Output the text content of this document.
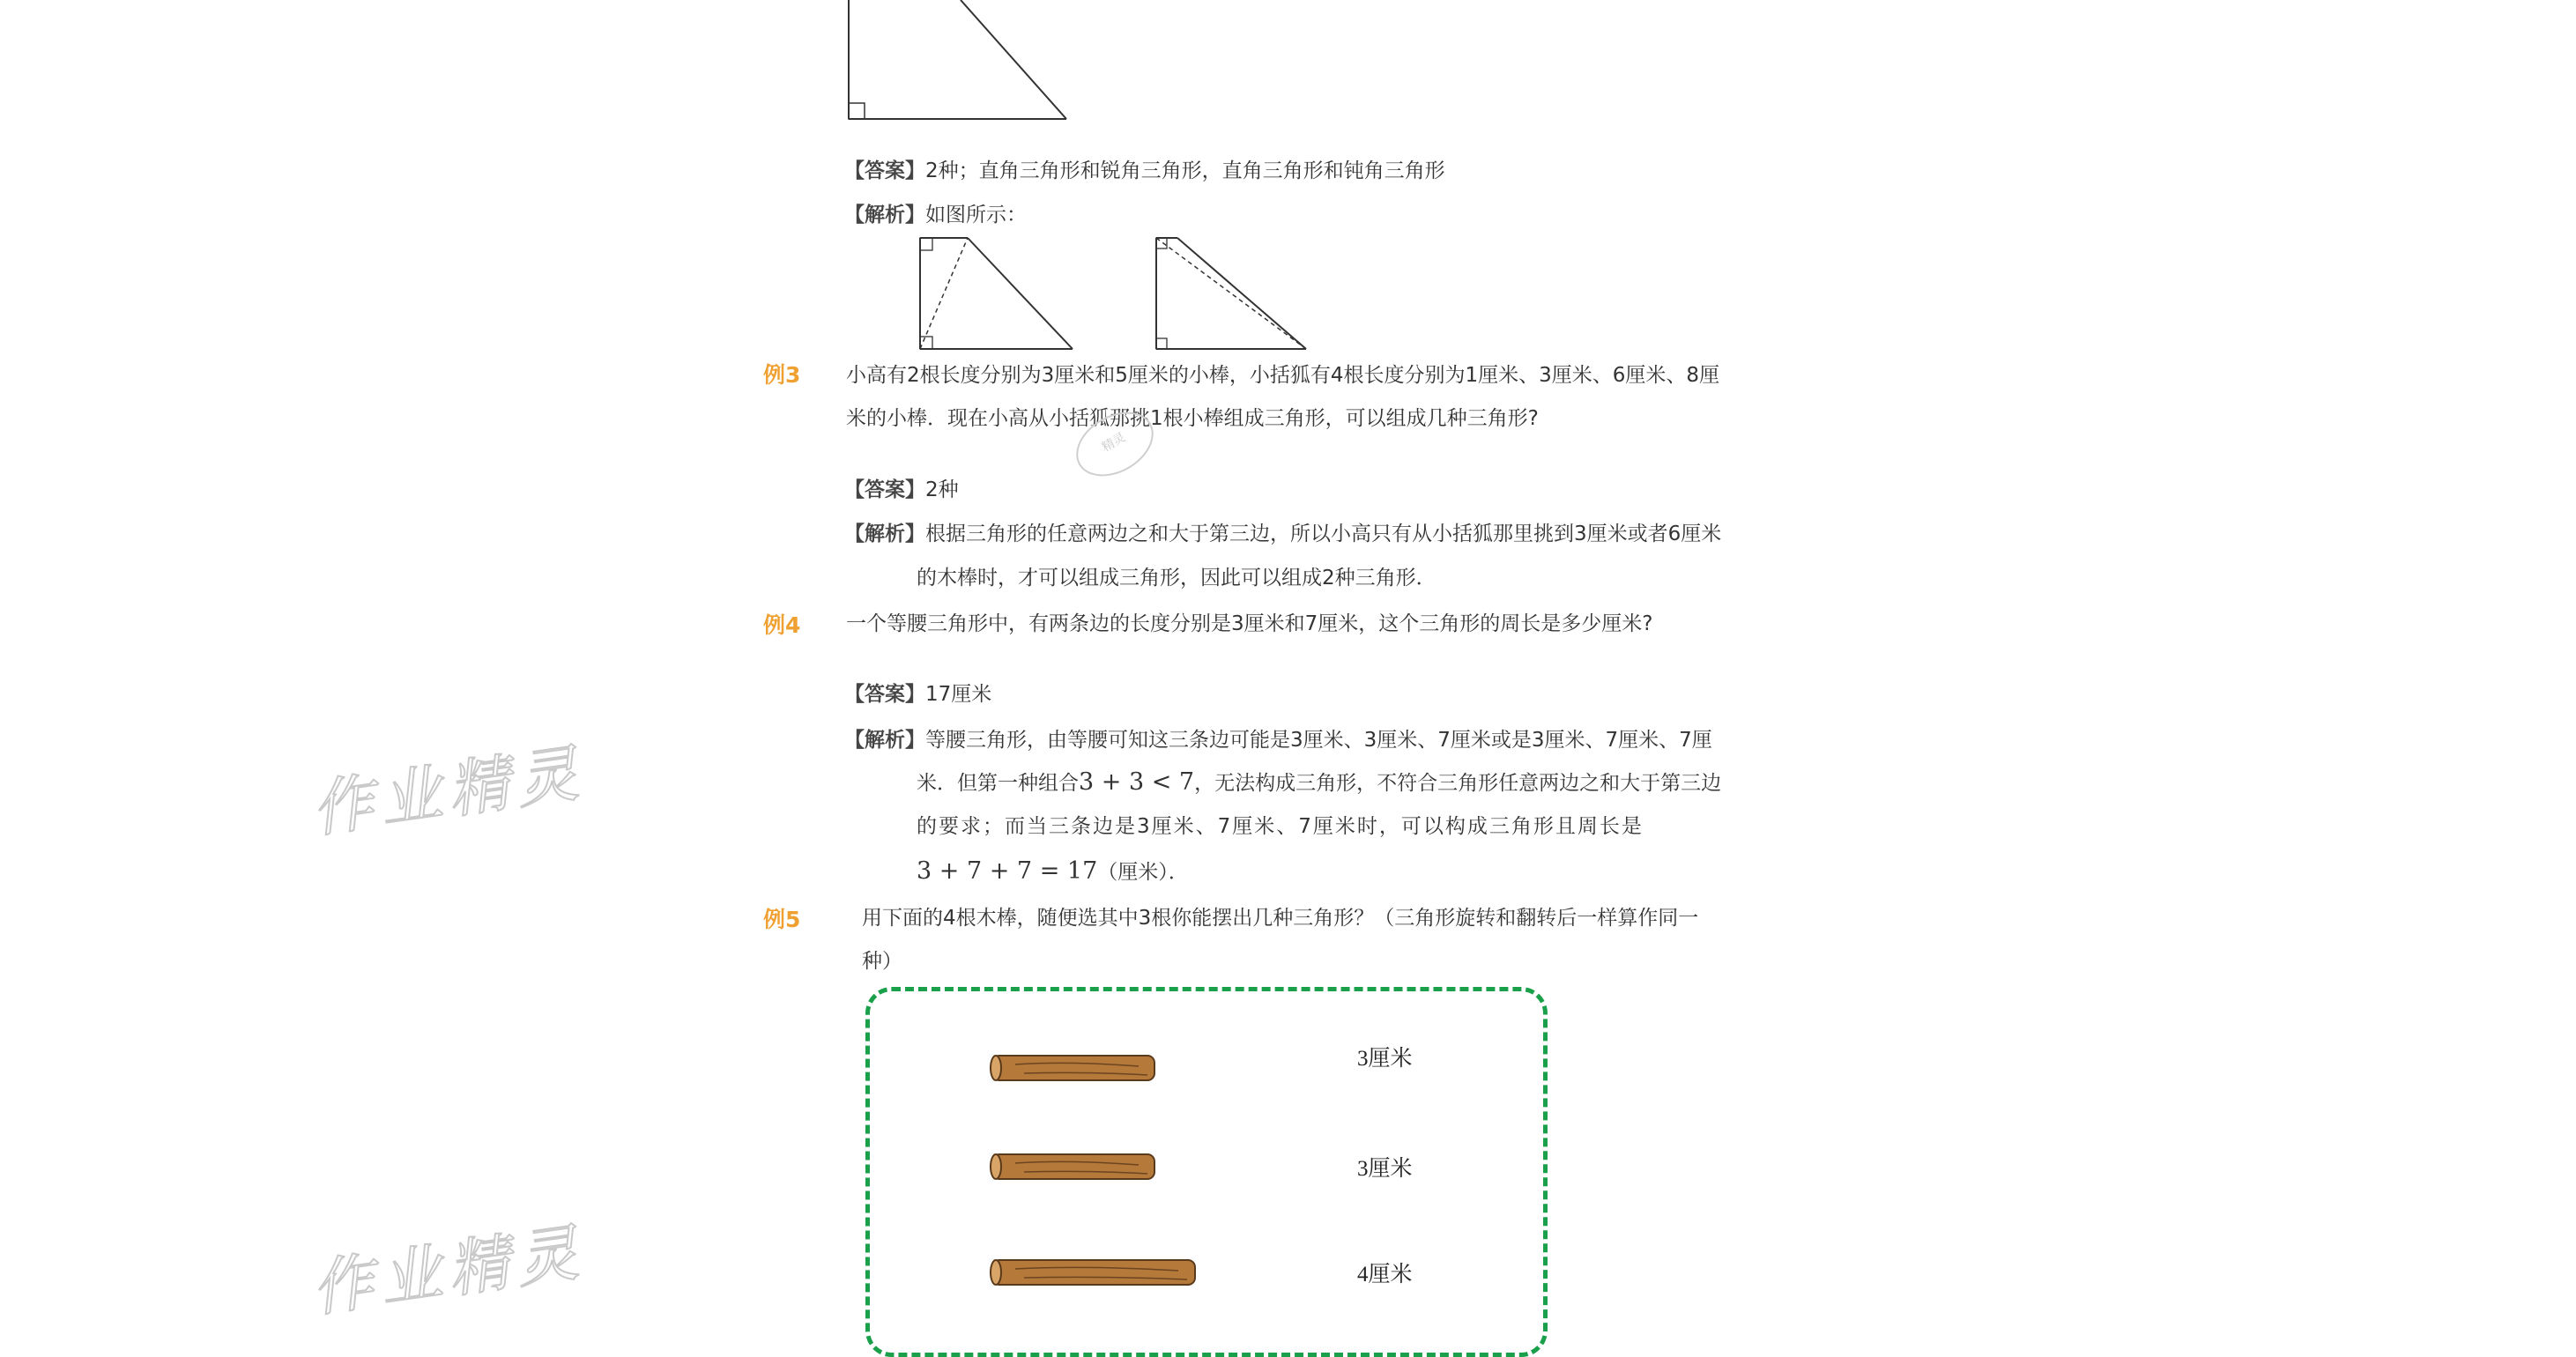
【答案】2种；直角三角形和锐角三角形，直角三角形和钝角三角形
【解析】如图所示：
例3 小高有2根长度分别为3厘米和5厘米的小棒，小括狐有4根长度分别为1厘米、3厘米、6厘米、8厘
米的小棒．现在小高从小括狐那挑1根小棒组成三角形，可以组成几种三角形?
精灵
【答案】2种
【解析】根据三角形的任意两边之和大于第三边，所以小高只有从小括狐那里挑到3厘米或者6厘米
的木棒时，才可以组成三角形，因此可以组成2种三角形．
例4 一个等腰三角形中，有两条边的长度分别是3厘米和7厘米，这个三角形的周长是多少厘米?
【答案】17厘米
【解析】等腰三角形，由等腰可知这三条边可能是3厘米、3厘米、7厘米或是3厘米、7厘米、7厘
米．但第一种组合3 + 3 < 7，无法构成三角形，不符合三角形任意两边之和大于第三边
的要求；而当三条边是3厘米、7厘米、7厘米时，可以构成三角形且周长是
3 + 7 + 7 = 17（厘米）．
例5	用下面的4根木棒，随便选其中3根你能摆出几种三角形？（三角形旋转和翻转后一样算作同一
种）
3厘米
3厘米
4厘米
作业精灵
作业精灵
